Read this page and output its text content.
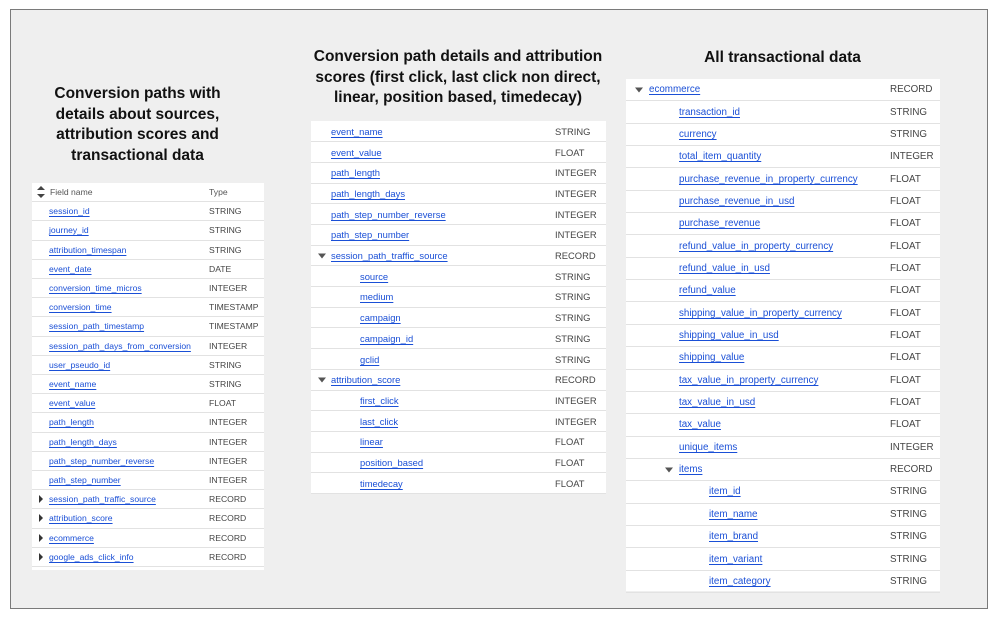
Conversion paths with details about sources, attribution scores and transactional data
Conversion path details and attribution scores (first click, last click non direct, linear, position based, timedecay)
All transactional data
Field name	Type
session_id	STRING
journey_id	STRING
attribution_timespan	STRING
event_date	DATE
conversion_time_micros	INTEGER
conversion_time	TIMESTAMP
session_path_timestamp	TIMESTAMP
session_path_days_from_conversion INTEGER
user_pseudo_id	STRING
event_name	STRING
event_value	FLOAT
path_length	INTEGER
path_length_days	INTEGER
path_step_number_reverse	INTEGER
path_step_number	INTEGER
session_path_traffic_source	RECORD
attribution_score	RECORD
ecommerce	RECORD
google_ads_click_info	RECORD
event_name	STRING
event_value	FLOAT
path_length	INTEGER
path_length_days	INTEGER
path_step_number_reverse	INTEGER
path_step_number	INTEGER
session_path_traffic_source	RECORD
source	STRING
medium	STRING
campaign	STRING
campaign_id	STRING
gclid	STRING
attribution_score	RECORD
first_click	INTEGER
last_click	INTEGER
linear	FLOAT
position_based	FLOAT
timedecay	FLOAT
ecommerce	RECORD
transaction_id	STRING
currency	STRING
total_item_quantity	INTEGER
purchase_revenue_in_property_currency	FLOAT
purchase_revenue_in_usd	FLOAT
purchase_revenue	FLOAT
refund_value_in_property_currency	FLOAT
refund_value_in_usd	FLOAT
refund_value	FLOAT
shipping_value_in_property_currency	FLOAT
shipping_value_in_usd	FLOAT
shipping_value	FLOAT
tax_value_in_property_currency	FLOAT
tax_value_in_usd	FLOAT
tax_value	FLOAT
unique_items	INTEGER
items	RECORD
item_id	STRING
item_name	STRING
item_brand	STRING
item_variant	STRING
item_category	STRING
